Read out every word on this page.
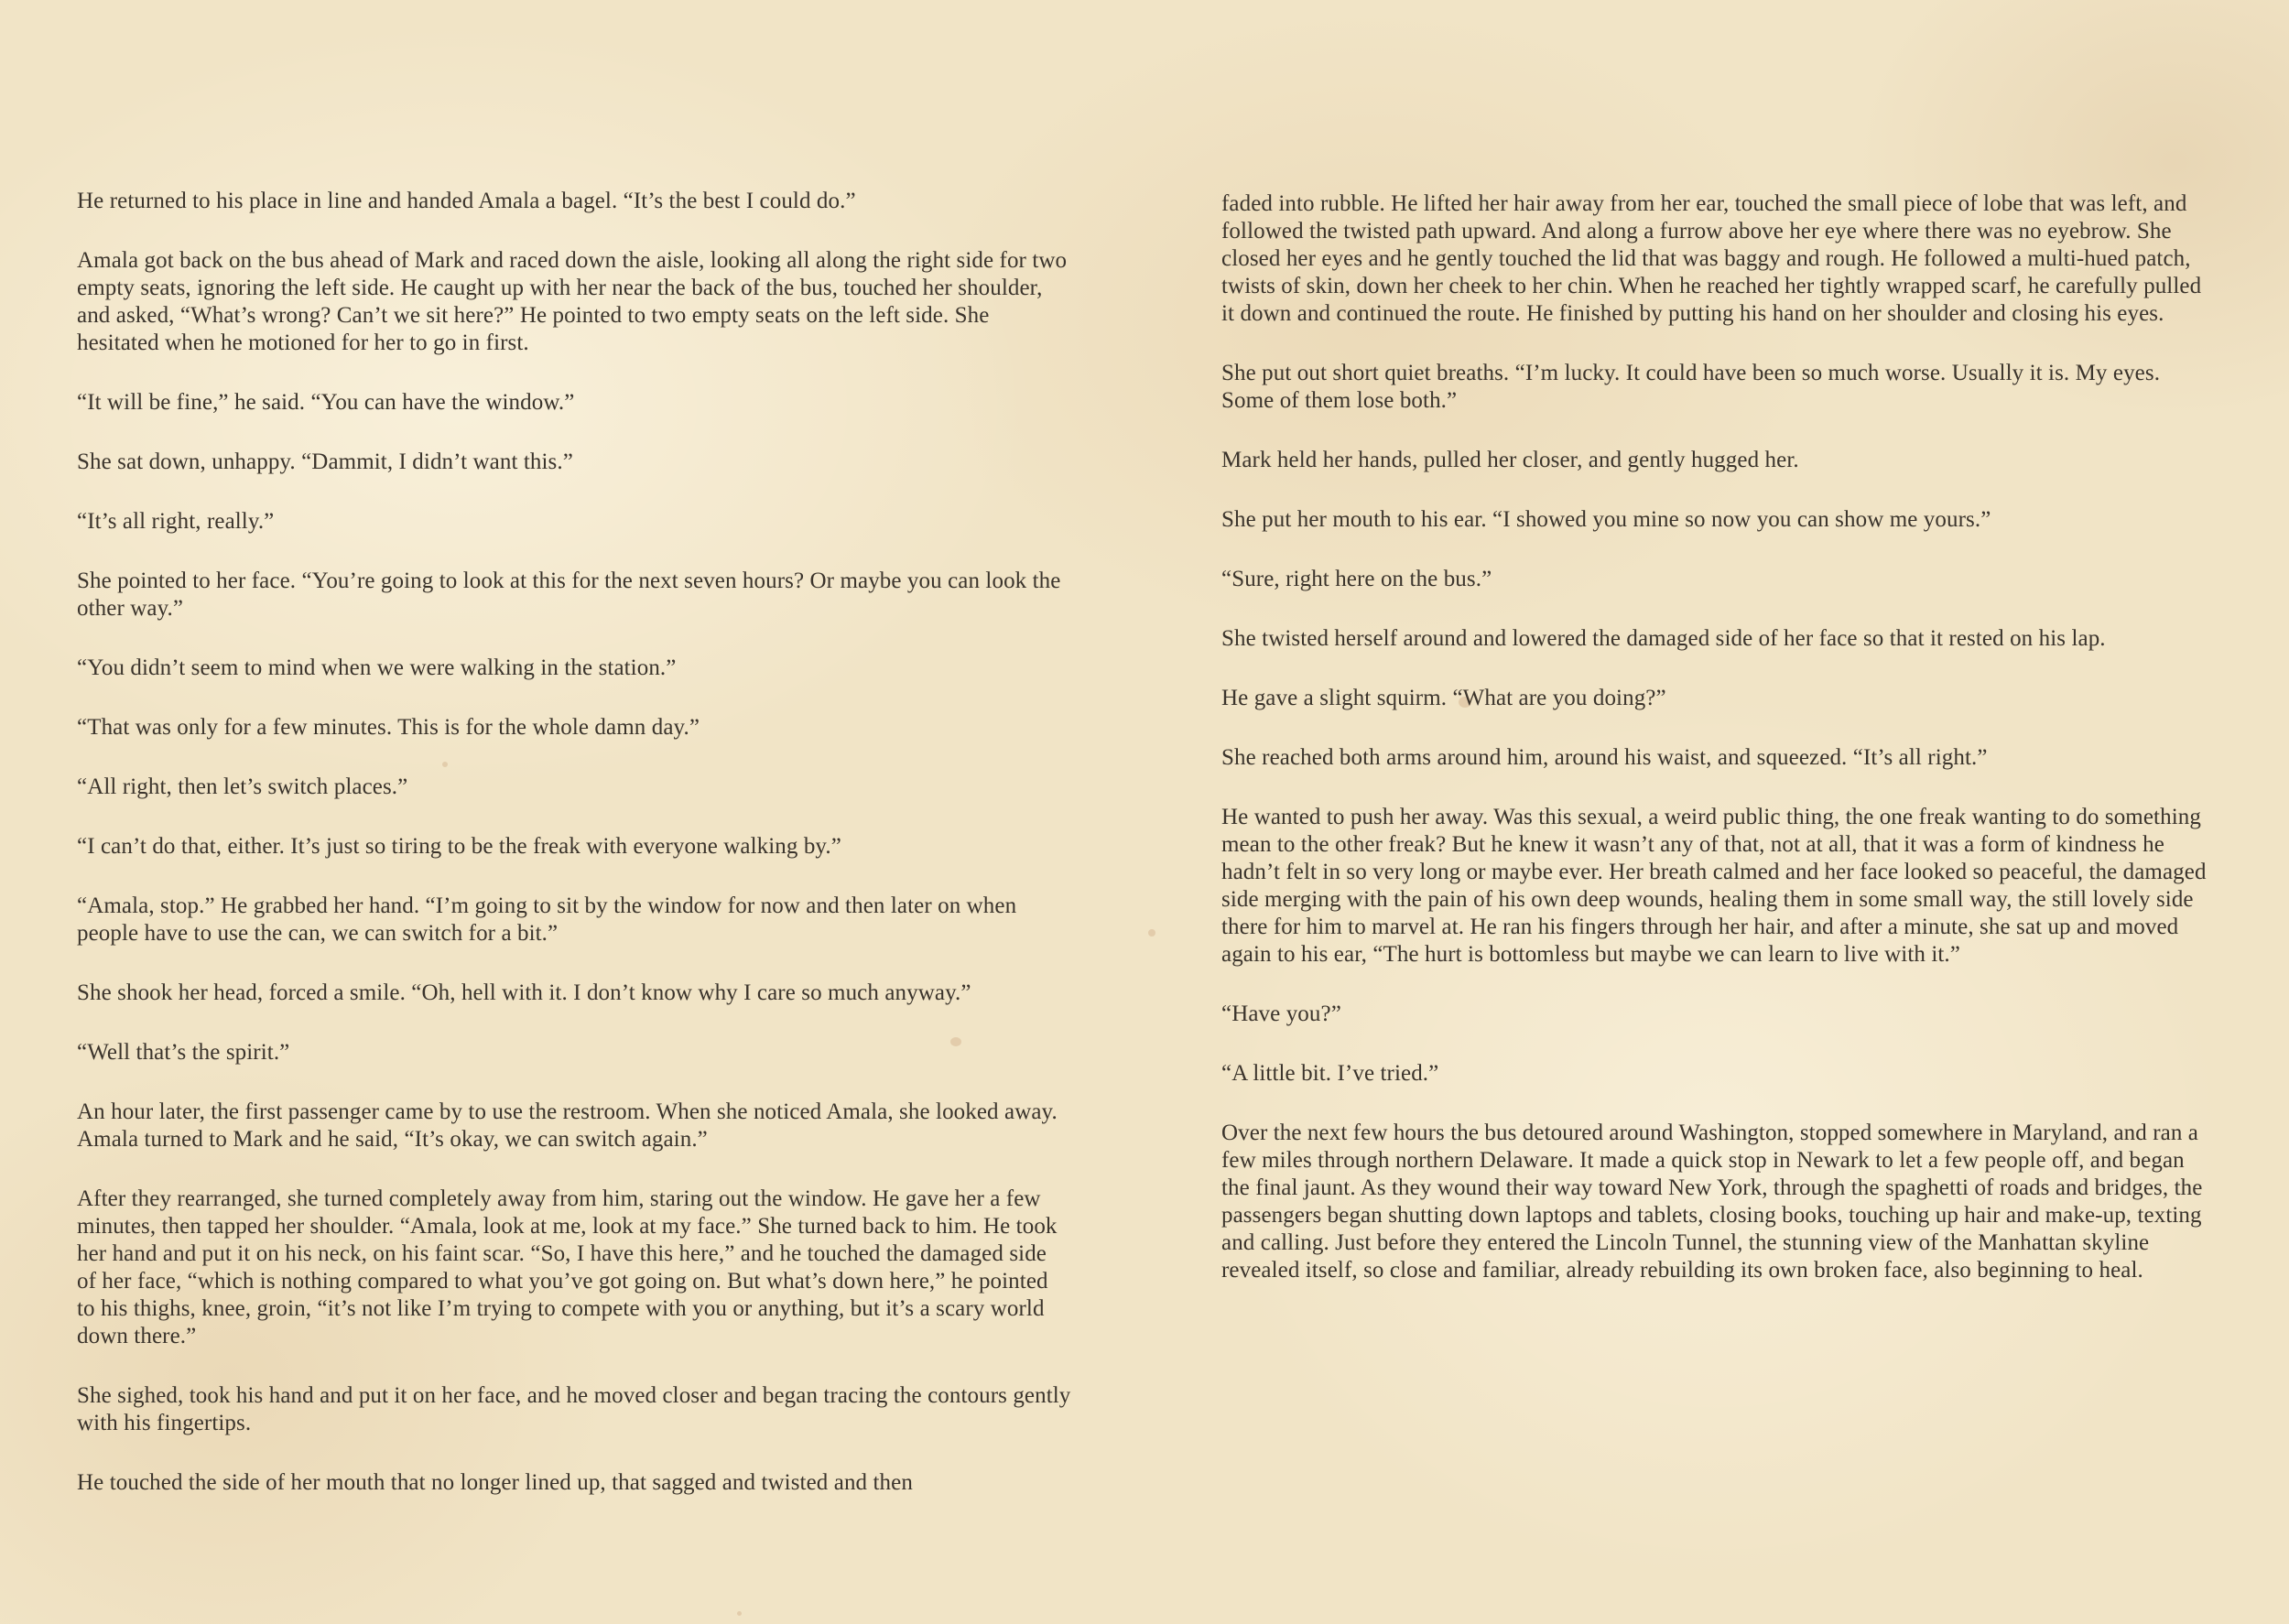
He returned to his place in line and handed Amala a bagel. “It’s the best I could do.”

Amala got back on the bus ahead of Mark and raced down the aisle, looking all along the right side for two empty seats, ignoring the left side. He caught up with her near the back of the bus, touched her shoulder, and asked, “What’s wrong? Can’t we sit here?” He pointed to two empty seats on the left side. She hesitated when he motioned for her to go in first.

“It will be fine,” he said. “You can have the window.”

She sat down, unhappy. “Dammit, I didn’t want this.”

“It’s all right, really.”

She pointed to her face. “You’re going to look at this for the next seven hours? Or maybe you can look the other way.”

“You didn’t seem to mind when we were walking in the station.”

“That was only for a few minutes. This is for the whole damn day.”

“All right, then let’s switch places.”

“I can’t do that, either. It’s just so tiring to be the freak with everyone walking by.”

“Amala, stop.” He grabbed her hand. “I’m going to sit by the window for now and then later on when people have to use the can, we can switch for a bit.”

She shook her head, forced a smile. “Oh, hell with it. I don’t know why I care so much anyway.”

“Well that’s the spirit.”

An hour later, the first passenger came by to use the restroom. When she noticed Amala, she looked away. Amala turned to Mark and he said, “It’s okay, we can switch again.”

After they rearranged, she turned completely away from him, staring out the window. He gave her a few minutes, then tapped her shoulder. “Amala, look at me, look at my face.” She turned back to him. He took her hand and put it on his neck, on his faint scar. “So, I have this here,” and he touched the damaged side of her face, “which is nothing compared to what you’ve got going on. But what’s down here,” he pointed to his thighs, knee, groin, “it’s not like I’m trying to compete with you or anything, but it’s a scary world down there.”

She sighed, took his hand and put it on her face, and he moved closer and began tracing the contours gently with his fingertips.

He touched the side of her mouth that no longer lined up, that sagged and twisted and then

faded into rubble. He lifted her hair away from her ear, touched the small piece of lobe that was left, and followed the twisted path upward. And along a furrow above her eye where there was no eyebrow. She closed her eyes and he gently touched the lid that was baggy and rough. He followed a multi-hued patch, twists of skin, down her cheek to her chin. When he reached her tightly wrapped scarf, he carefully pulled it down and continued the route. He finished by putting his hand on her shoulder and closing his eyes.

She put out short quiet breaths. “I’m lucky. It could have been so much worse. Usually it is. My eyes. Some of them lose both.”

Mark held her hands, pulled her closer, and gently hugged her.

She put her mouth to his ear. “I showed you mine so now you can show me yours.”

“Sure, right here on the bus.”

She twisted herself around and lowered the damaged side of her face so that it rested on his lap.

He gave a slight squirm. “What are you doing?”

She reached both arms around him, around his waist, and squeezed. “It’s all right.”

He wanted to push her away. Was this sexual, a weird public thing, the one freak wanting to do something mean to the other freak? But he knew it wasn’t any of that, not at all, that it was a form of kindness he hadn’t felt in so very long or maybe ever. Her breath calmed and her face looked so peaceful, the damaged side merging with the pain of his own deep wounds, healing them in some small way, the still lovely side there for him to marvel at. He ran his fingers through her hair, and after a minute, she sat up and moved again to his ear, “The hurt is bottomless but maybe we can learn to live with it.”

“Have you?”

“A little bit. I’ve tried.”

Over the next few hours the bus detoured around Washington, stopped somewhere in Maryland, and ran a few miles through northern Delaware. It made a quick stop in Newark to let a few people off, and began the final jaunt. As they wound their way toward New York, through the spaghetti of roads and bridges, the passengers began shutting down laptops and tablets, closing books, touching up hair and make-up, texting and calling. Just before they entered the Lincoln Tunnel, the stunning view of the Manhattan skyline revealed itself, so close and familiar, already rebuilding its own broken face, also beginning to heal.
